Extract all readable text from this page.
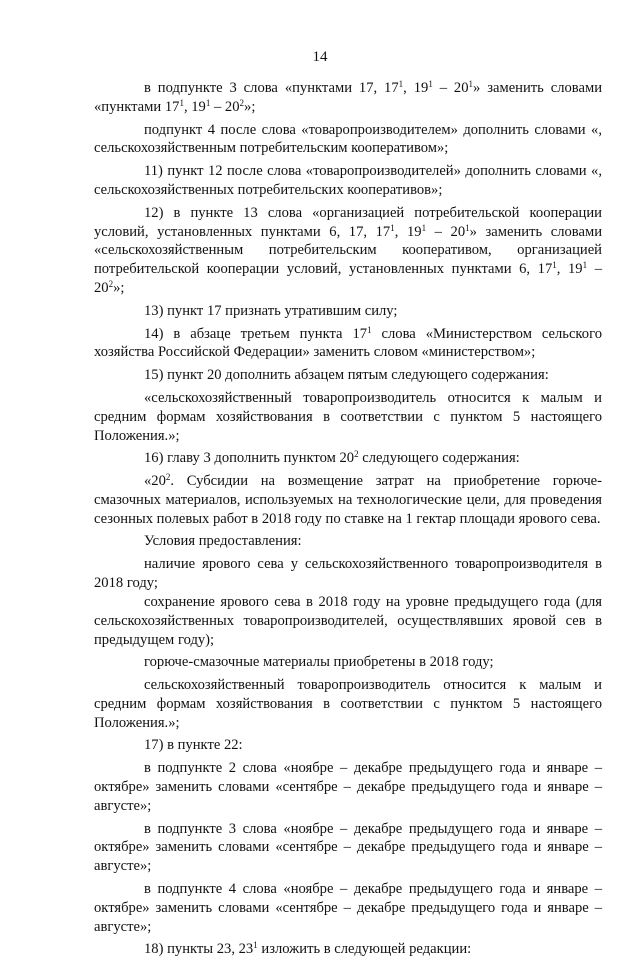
14

в подпункте 3 слова «пунктами 17, $17^1$, $19^1 - 20^1$» заменить словами «пунктами $17^1$, $19^1 - 20^2$»;

подпункт 4 после слова «товаропроизводителем» дополнить словами «, сельскохозяйственным потребительским кооперативом»;

11) пункт 12 после слова «товаропроизводителей» дополнить словами «, сельскохозяйственных потребительских кооперативов»;

12) в пункте 13 слова «организацией потребительской кооперации условий, установленных пунктами 6, 17, $17^1$, $19^1 - 20^1$» заменить словами «сельскохозяйственным потребительским кооперативом, организацией потребительской кооперации условий, установленных пунктами 6, $17^1$, $19^1 - 20^2$»;

13) пункт 17 признать утратившим силу;

14) в абзаце третьем пункта $17^1$ слова «Министерством сельского хозяйства Российской Федерации» заменить словом «министерством»;

15) пункт 20 дополнить абзацем пятым следующего содержания:

«сельскохозяйственный товаропроизводитель относится к малым и средним формам хозяйствования в соответствии с пунктом 5 настоящего Положения.»;

16) главу 3 дополнить пунктом $20^2$ следующего содержания:

«$20^2$. Субсидии на возмещение затрат на приобретение горюче-смазочных материалов, используемых на технологические цели, для проведения сезонных полевых работ в 2018 году по ставке на 1 гектар площади ярового сева.

Условия предоставления:

наличие ярового сева у сельскохозяйственного товаропроизводителя в 2018 году;

сохранение ярового сева в 2018 году на уровне предыдущего года (для сельскохозяйственных товаропроизводителей, осуществлявших яровой сев в предыдущем году);

горюче-смазочные материалы приобретены в 2018 году;

сельскохозяйственный товаропроизводитель относится к малым и средним формам хозяйствования в соответствии с пунктом 5 настоящего Положения.»;

17) в пункте 22:

в подпункте 2 слова «ноябре – декабре предыдущего года и январе – октябре» заменить словами «сентябре – декабре предыдущего года и январе – августе»;

в подпункте 3 слова «ноябре – декабре предыдущего года и январе – октябре» заменить словами «сентябре – декабре предыдущего года и январе – августе»;

в подпункте 4 слова «ноябре – декабре предыдущего года и январе – октябре» заменить словами «сентябре – декабре предыдущего года и январе – августе»;

18) пункты 23, $23^1$ изложить в следующей редакции:
